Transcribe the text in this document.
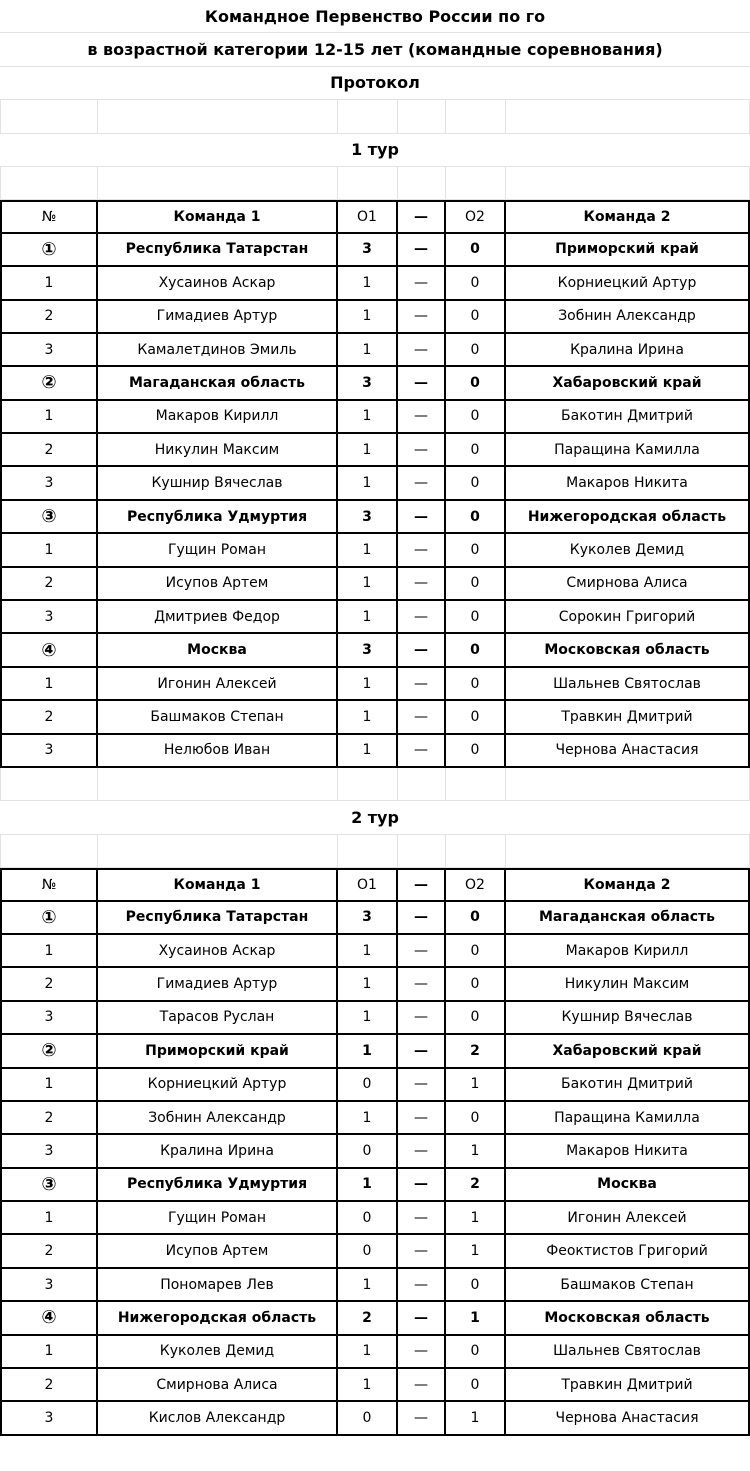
Командное Первенство России по го
в возрастной категории 12-15 лет (командные соревнования)
Протокол
1 тур
№	Команда 1	О1	—	О2	Команда 2
①	Республика Татарстан	3	—	0	Приморский край
1	Хусаинов Аскар	1	—	0	Корниецкий Артур
2	Гимадиев Артур	1	—	0	Зобнин Александр
3	Камалетдинов Эмиль	1	—	0	Кралина Ирина
②	Магаданская область	3	—	0	Хабаровский край
1	Макаров Кирилл	1	—	0	Бакотин Дмитрий
2	Никулин Максим	1	—	0	Паращина Камилла
3	Кушнир Вячеслав	1	—	0	Макаров Никита
③	Республика Удмуртия	3	—	0	Нижегородская область
1	Гущин Роман	1	—	0	Куколев Демид
2	Исупов Артем	1	—	0	Смирнова Алиса
3	Дмитриев Федор	1	—	0	Сорокин Григорий
④	Москва	3	—	0	Московская область
1	Игонин Алексей	1	—	0	Шальнев Святослав
2	Башмаков Степан	1	—	0	Травкин Дмитрий
3	Нелюбов Иван	1	—	0	Чернова Анастасия
2 тур
№	Команда 1	О1	—	О2	Команда 2
①	Республика Татарстан	3	—	0	Магаданская область
1	Хусаинов Аскар	1	—	0	Макаров Кирилл
2	Гимадиев Артур	1	—	0	Никулин Максим
3	Тарасов Руслан	1	—	0	Кушнир Вячеслав
②	Приморский край	1	—	2	Хабаровский край
1	Корниецкий Артур	0	—	1	Бакотин Дмитрий
2	Зобнин Александр	1	—	0	Паращина Камилла
3	Кралина Ирина	0	—	1	Макаров Никита
③	Республика Удмуртия	1	—	2	Москва
1	Гущин Роман	0	—	1	Игонин Алексей
2	Исупов Артем	0	—	1	Феоктистов Григорий
3	Пономарев Лев	1	—	0	Башмаков Степан
④	Нижегородская область	2	—	1	Московская область
1	Куколев Демид	1	—	0	Шальнев Святослав
2	Смирнова Алиса	1	—	0	Травкин Дмитрий
3	Кислов Александр	0	—	1	Чернова Анастасия
